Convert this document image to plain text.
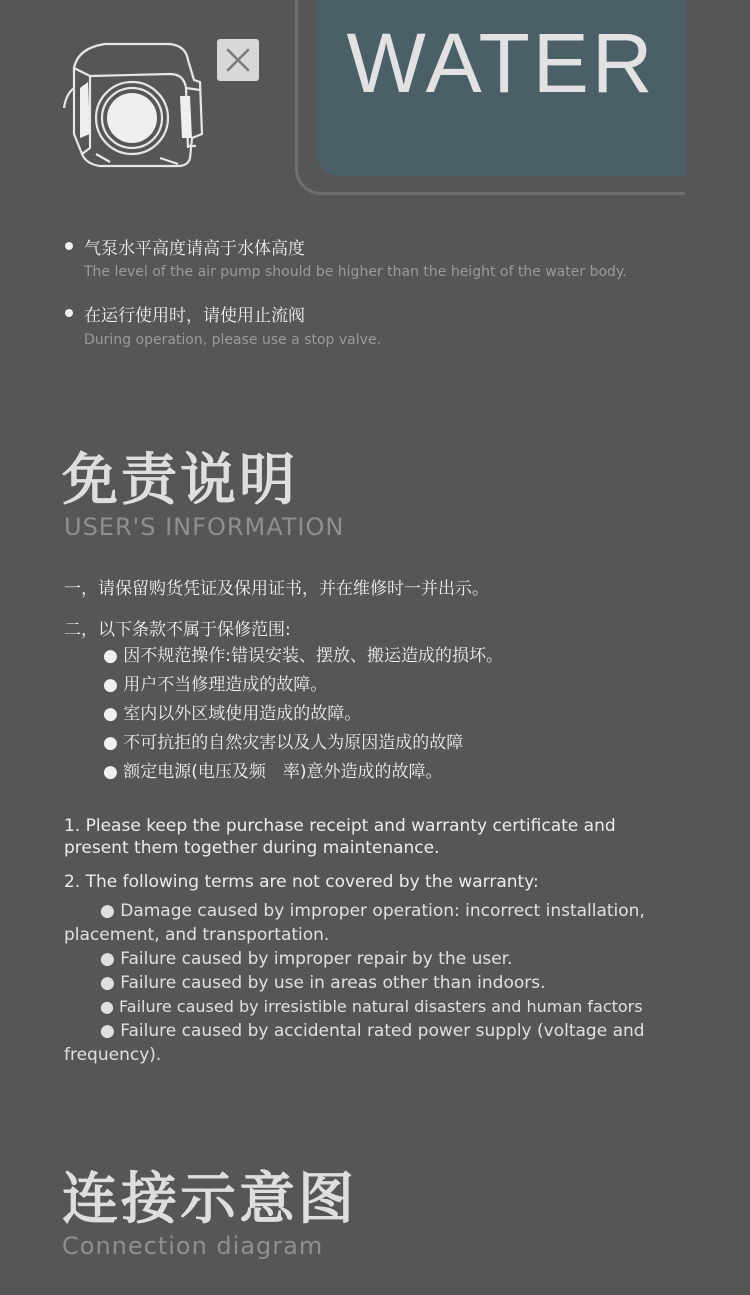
WATER
气泵水平高度请高于水体高度
The level of the air pump should be higher than the height of the water body.
在运行使用时，请使用止流阀
During operation, please use a stop valve.
免责说明
USER'S INFORMATION
一，请保留购货凭证及保用证书，并在维修时一并出示。
二，以下条款不属于保修范围:
● 因不规范操作:错误安装、摆放、搬运造成的损坏。
● 用户不当修理造成的故障。
● 室内以外区域使用造成的故障。
● 不可抗拒的自然灾害以及人为原因造成的故障
● 额定电源(电压及频　率)意外造成的故障。
1. Please keep the purchase receipt and warranty certificate and present them together during maintenance.
2. The following terms are not covered by the warranty:
● Damage caused by improper operation: incorrect installation, placement, and transportation.
● Failure caused by improper repair by the user.
● Failure caused by use in areas other than indoors.
● Failure caused by irresistible natural disasters and human factors
● Failure caused by accidental rated power supply (voltage and frequency).
连接示意图
Connection diagram
